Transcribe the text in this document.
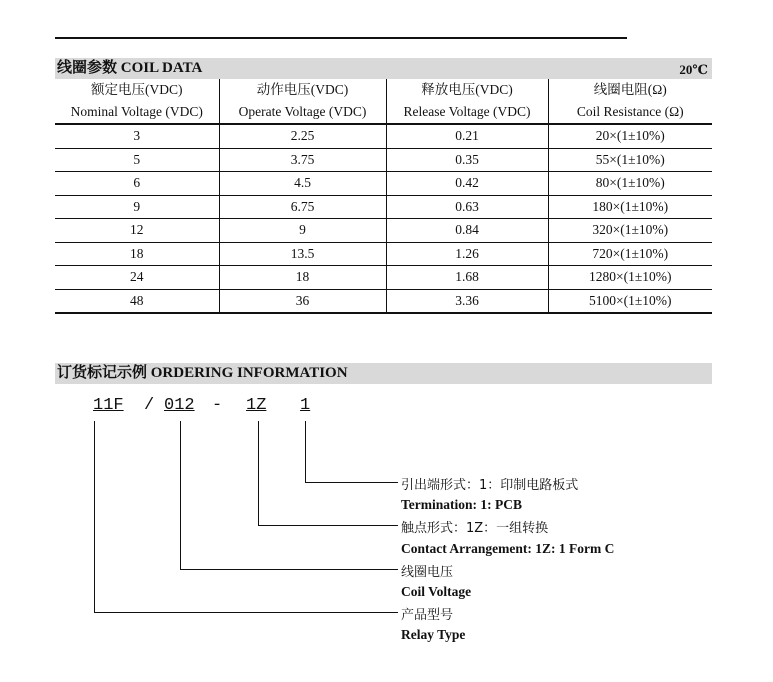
线圈参数 COIL DATA	20℃
额定电压(VDC)	动作电压(VDC)	释放电压(VDC)	线圈电阻(Ω)
Nominal Voltage (VDC)	Operate Voltage (VDC)	Release Voltage (VDC)	Coil Resistance (Ω)
3	2.25	0.21	20×(1±10%)
5	3.75	0.35	55×(1±10%)
6	4.5	0.42	80×(1±10%)
9	6.75	0.63	180×(1±10%)
12	9	0.84	320×(1±10%)
18	13.5	1.26	720×(1±10%)
24	18	1.68	1280×(1±10%)
48	36	3.36	5100×(1±10%)
订货标记示例 ORDERING INFORMATION
11F / 012 - 1Z 1
引出端形式：1：印制电路板式
Termination: 1: PCB
触点形式：1Z：一组转换
Contact Arrangement: 1Z: 1 Form C
线圈电压
Coil Voltage
产品型号
Relay Type
